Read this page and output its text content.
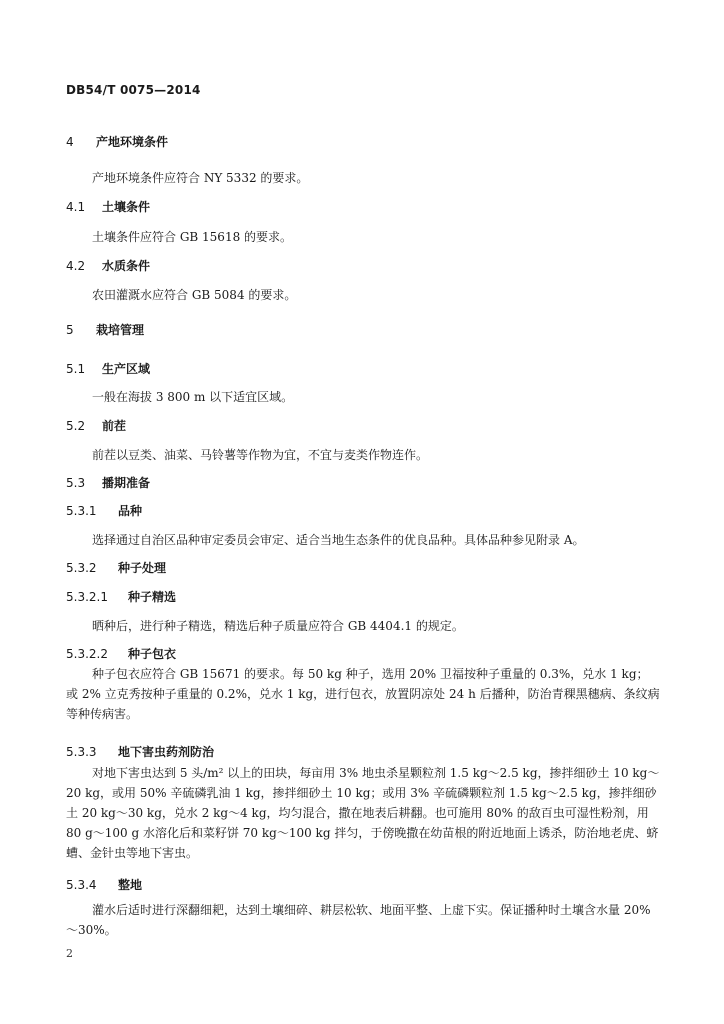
DB54/T 0075—2014
4 产地环境条件
产地环境条件应符合 NY 5332 的要求。
4.1 土壤条件
土壤条件应符合 GB 15618 的要求。
4.2 水质条件
农田灌溉水应符合 GB 5084 的要求。
5 栽培管理
5.1 生产区域
一般在海拔 3 800 m 以下适宜区域。
5.2 前茬
前茬以豆类、油菜、马铃薯等作物为宜，不宜与麦类作物连作。
5.3 播期准备
5.3.1 品种
选择通过自治区品种审定委员会审定、适合当地生态条件的优良品种。具体品种参见附录 A。
5.3.2 种子处理
5.3.2.1 种子精选
晒种后，进行种子精选，精选后种子质量应符合 GB 4404.1 的规定。
5.3.2.2 种子包衣
种子包衣应符合 GB 15671 的要求。每 50 kg 种子，选用 20% 卫福按种子重量的 0.3%，兑水 1 kg；或 2% 立克秀按种子重量的 0.2%，兑水 1 kg，进行包衣，放置阴凉处 24 h 后播种，防治青稞黑穗病、条纹病等种传病害。
5.3.3 地下害虫药剂防治
对地下害虫达到 5 头/m² 以上的田块，每亩用 3% 地虫杀星颗粒剂 1.5 kg～2.5 kg，掺拌细砂土 10 kg～20 kg，或用 50% 辛硫磷乳油 1 kg，掺拌细砂土 10 kg；或用 3% 辛硫磷颗粒剂 1.5 kg～2.5 kg，掺拌细砂土 20 kg～30 kg，兑水 2 kg～4 kg，均匀混合，撒在地表后耕翻。也可施用 80% 的敌百虫可湿性粉剂，用 80 g～100 g 水溶化后和菜籽饼 70 kg～100 kg 拌匀，于傍晚撒在幼苗根的附近地面上诱杀，防治地老虎、蛴螬、金针虫等地下害虫。
5.3.4 整地
灌水后适时进行深翻细耙，达到土壤细碎、耕层松软、地面平整、上虚下实。保证播种时土壤含水量 20%～30%。
2
